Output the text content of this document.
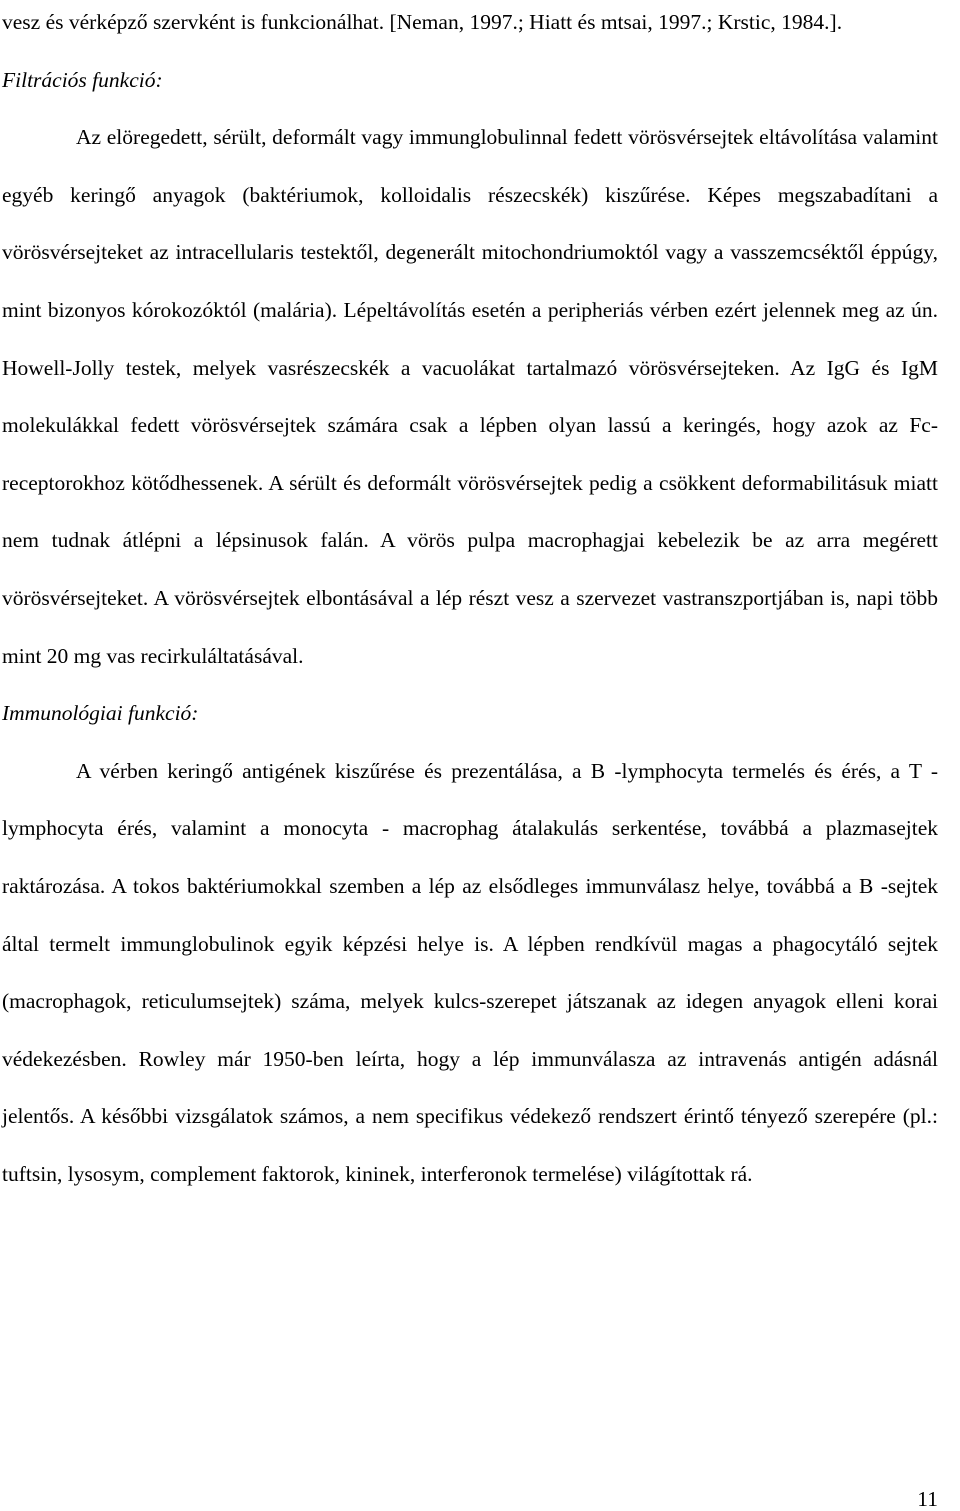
vesz és vérképző szervként is funkcionálhat. [Neman, 1997.; Hiatt és mtsai, 1997.; Krstic, 1984.].

Filtrációs funkció:

Az elöregedett, sérült, deformált vagy immunglobulinnal fedett vörösvérsejtek eltávolítása valamint egyéb keringő anyagok (baktériumok, kolloidalis részecskék) kiszűrése. Képes megszabadítani a vörösvérsejteket az intracellularis testektől, degenerált mitochondriumoktól vagy a vasszemcséktől éppúgy, mint bizonyos kórokozóktól (malária). Lépeltávolítás esetén a peripheriás vérben ezért jelennek meg az ún. Howell-Jolly testek, melyek vasrészecskék a vacuolákat tartalmazó vörösvérsejteken. Az IgG és IgM molekulákkal fedett vörösvérsejtek számára csak a lépben olyan lassú a keringés, hogy azok az Fc-receptorokhoz kötődhessenek. A sérült és deformált vörösvérsejtek pedig a csökkent deformabilitásuk miatt nem tudnak átlépni a lépsinusok falán. A vörös pulpa macrophagjai kebelezik be az arra megérett vörösvérsejteket. A vörösvérsejtek elbontásával a lép részt vesz a szervezet vastranszportjában is, napi több mint 20 mg vas recirkuláltatásával.

Immunológiai funkció:

A vérben keringő antigének kiszűrése és prezentálása, a B -lymphocyta termelés és érés, a T -lymphocyta érés, valamint a monocyta - macrophag átalakulás serkentése, továbbá a plazmasejtek raktározása. A tokos baktériumokkal szemben a lép az elsődleges immunválasz helye, továbbá a B -sejtek által termelt immunglobulinok egyik képzési helye is. A lépben rendkívül magas a phagocytáló sejtek (macrophagok, reticulumsejtek) száma, melyek kulcs-szerepet játszanak az idegen anyagok elleni korai védekezésben. Rowley már 1950-ben leírta, hogy a lép immunválasza az intravenás antigén adásnál jelentős. A későbbi vizsgálatok számos, a nem specifikus védekező rendszert érintő tényező szerepére (pl.: tuftsin, lysosym, complement faktorok, kininek, interferonok termelése) világítottak rá.

11
